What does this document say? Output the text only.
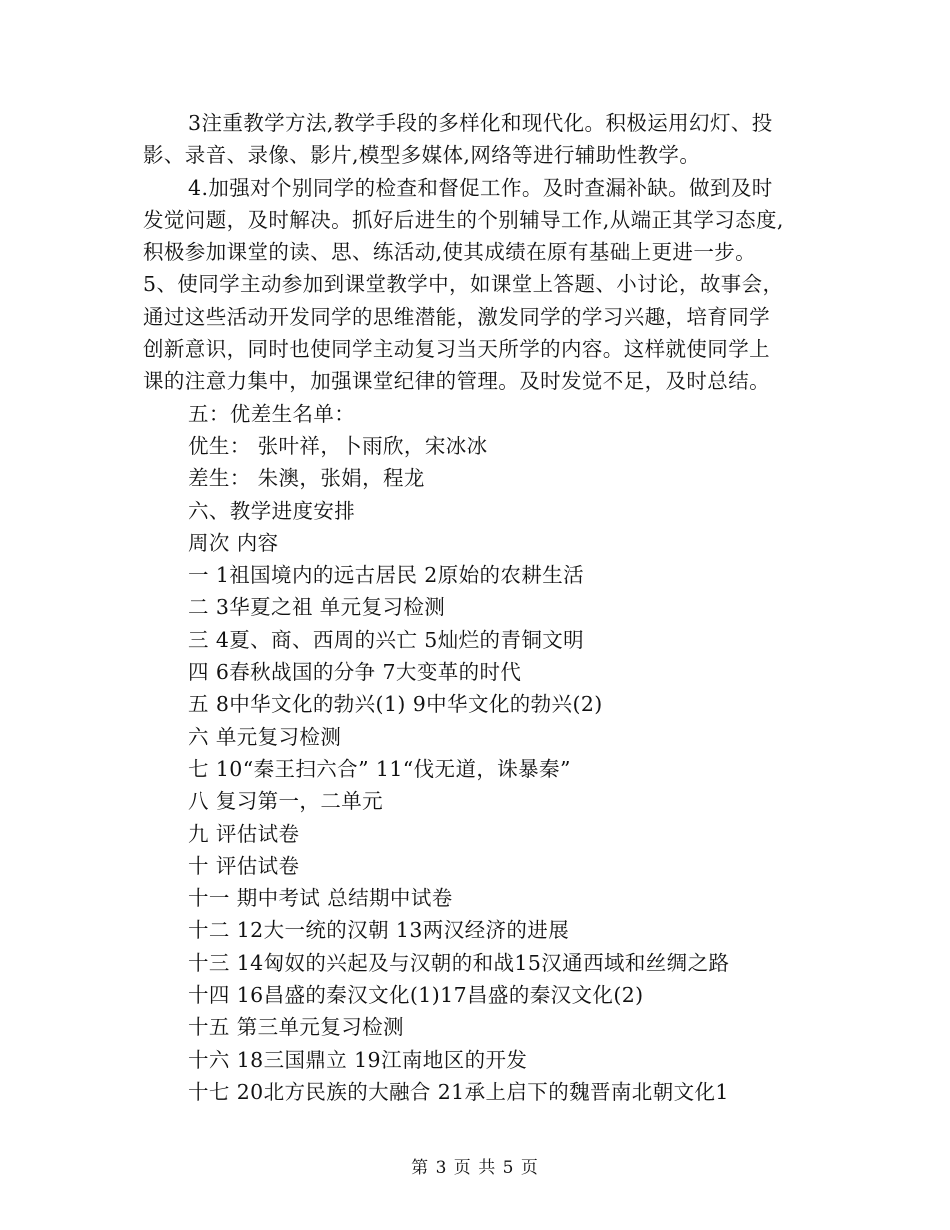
3注重教学方法,教学手段的多样化和现代化。积极运用幻灯、投
影、录音、录像、影片,模型多媒体,网络等进行辅助性教学。
4.加强对个别同学的检查和督促工作。及时查漏补缺。做到及时
发觉问题，及时解决。抓好后进生的个别辅导工作,从端正其学习态度,
积极参加课堂的读、思、练活动,使其成绩在原有基础上更进一步。
5、使同学主动参加到课堂教学中，如课堂上答题、小讨论，故事会，
通过这些活动开发同学的思维潜能，激发同学的学习兴趣，培育同学
创新意识，同时也使同学主动复习当天所学的内容。这样就使同学上
课的注意力集中，加强课堂纪律的管理。及时发觉不足，及时总结。
五：优差生名单：
优生： 张叶祥，卜雨欣，宋冰冰
差生： 朱澳，张娟，程龙
六、教学进度安排
周次 内容
一 1祖国境内的远古居民 2原始的农耕生活
二 3华夏之祖 单元复习检测
三 4夏、商、西周的兴亡 5灿烂的青铜文明
四 6春秋战国的分争 7大变革的时代
五 8中华文化的勃兴(1) 9中华文化的勃兴(2)
六 单元复习检测
七 10“秦王扫六合” 11“伐无道，诛暴秦”
八 复习第一，二单元
九 评估试卷
十 评估试卷
十一 期中考试 总结期中试卷
十二 12大一统的汉朝 13两汉经济的进展
十三 14匈奴的兴起及与汉朝的和战15汉通西域和丝绸之路
十四 16昌盛的秦汉文化(1)17昌盛的秦汉文化(2)
十五 第三单元复习检测
十六 18三国鼎立 19江南地区的开发
十七 20北方民族的大融合 21承上启下的魏晋南北朝文化1
第 3 页 共 5 页
